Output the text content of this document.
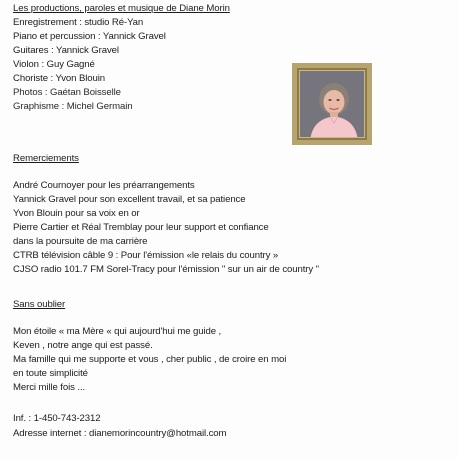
Les productions, paroles et musique de Diane Morin
Enregistrement : studio Ré-Yan
Piano et percussion : Yannick Gravel
Guitares : Yannick Gravel
Violon : Guy Gagné
Choriste : Yvon Blouin
Photos : Gaétan Boisselle
Graphisme : Michel Germain
Remerciements
André Cournoyer pour les préarrangements
Yannick Gravel pour son excellent travail, et sa patience
Yvon Blouin pour sa voix en or
Pierre Cartier et Réal Tremblay pour leur support et confiance
dans la poursuite de ma carrière
CTRB télévision câble 9 : Pour l'émission «le relais du country »
CJSO radio 101.7 FM Sorel-Tracy pour l'émission " sur un air de country "
Sans oublier
Mon étoile « ma Mère « qui aujourd'hui me guide ,
Keven , notre ange qui est passé.
Ma famille qui me supporte et vous , cher public , de croire en moi
en toute simplicité
Merci mille fois ...
Inf. : 1-450-743-2312
Adresse internet : dianemorincountry@hotmail.com
